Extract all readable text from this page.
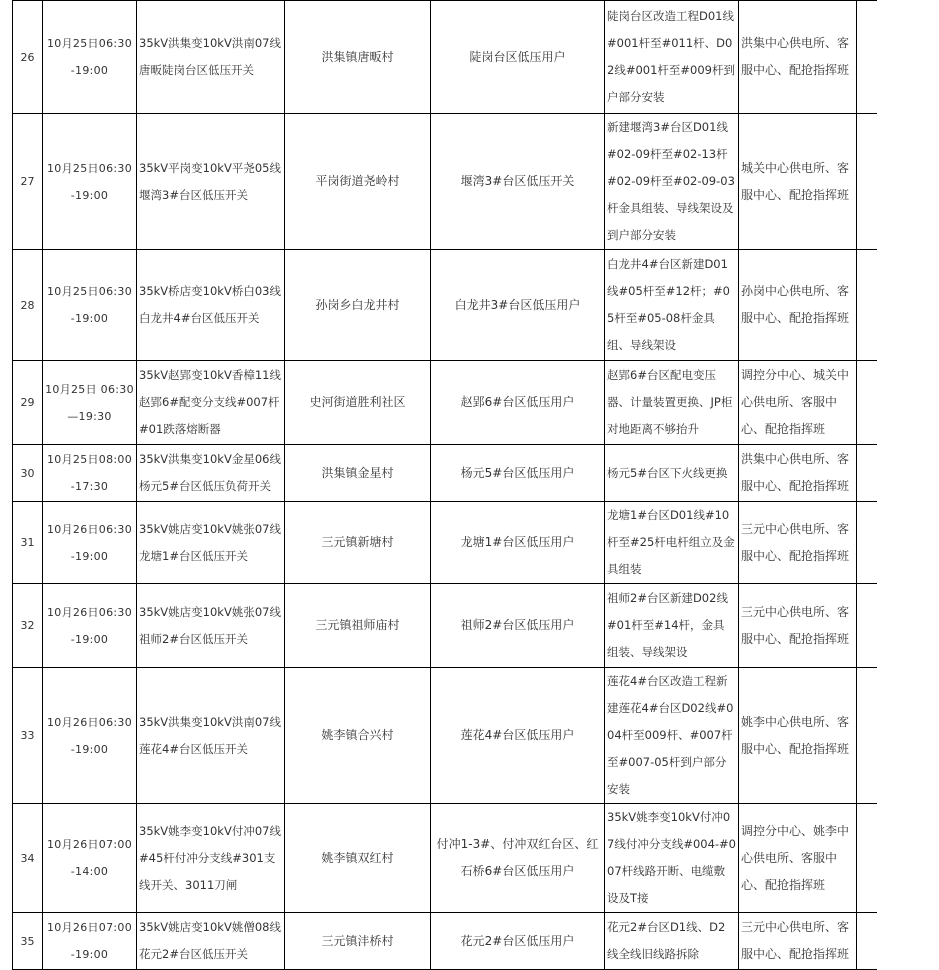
26	10月25日06:30-19:00	35kV洪集变10kV洪南07线唐畈陡岗台区低压开关	洪集镇唐畈村	陡岗台区低压用户	陡岗台区改造工程D01线#001杆至#011杆、D02线#001杆至#009杆到户部分安装	洪集中心供电所、客服中心、配抢指挥班	
27	10月25日06:30-19:00	35kV平岗变10kV平尧05线堰湾3#台区低压开关	平岗街道尧岭村	堰湾3#台区低压开关	新建堰湾3#台区D01线#02-09杆至#02-13杆#02-09杆至#02-09-03杆金具组装、导线架设及到户部分安装	城关中心供电所、客服中心、配抢指挥班	
28	10月25日06:30-19:00	35kV桥店变10kV桥白03线白龙井4#台区低压开关	孙岗乡白龙井村	白龙井3#台区低压用户	白龙井4#台区新建D01线#05杆至#12杆；#05杆至#05-08杆金具组、导线架设	孙岗中心供电所、客服中心、配抢指挥班	
29	10月25日 06:30—19:30	35kV赵郢变10kV香樟11线赵郢6#配变分支线#007杆#01跌落熔断器	史河街道胜利社区	赵郢6#台区低压用户	赵郢6#台区配电变压器、计量装置更换、JP柜对地距离不够抬升	调控分中心、城关中心供电所、客服中心、配抢指挥班	
30	10月25日08:00-17:30	35kV洪集变10kV金星06线杨元5#台区低压负荷开关	洪集镇金星村	杨元5#台区低压用户	杨元5#台区下火线更换	洪集中心供电所、客服中心、配抢指挥班	
31	10月26日06:30-19:00	35kV姚店变10kV姚张07线龙塘1#台区低压开关	三元镇新塘村	龙塘1#台区低压用户	龙塘1#台区D01线#10杆至#25杆电杆组立及金具组装	三元中心供电所、客服中心、配抢指挥班	
32	10月26日06:30-19:00	35kV姚店变10kV姚张07线祖师2#台区低压开关	三元镇祖师庙村	祖师2#台区低压用户	祖师2#台区新建D02线#01杆至#14杆，金具组装、导线架设	三元中心供电所、客服中心、配抢指挥班	
33	10月26日06:30-19:00	35kV洪集变10kV洪南07线莲花4#台区低压开关	姚李镇合兴村	莲花4#台区低压用户	莲花4#台区改造工程新建莲花4#台区D02线#004杆至009杆、#007杆至#007-05杆到户部分安装	姚李中心供电所、客服中心、配抢指挥班	
34	10月26日07:00-14:00	35kV姚李变10kV付冲07线#45杆付冲分支线#301支线开关、3011刀闸	姚李镇双红村	付冲1-3#、付冲双红台区、红石桥6#台区低压用户	35kV姚李变10kV付冲07线付冲分支线#004-#007杆线路开断、电缆敷设及T接	调控分中心、姚李中心供电所、客服中心、配抢指挥班	
35	10月26日07:00-19:00	35kV姚店变10kV姚僧08线花元2#台区低压开关	三元镇沣桥村	花元2#台区低压用户	花元2#台区D1线、D2线全线旧线路拆除	三元中心供电所、客服中心、配抢指挥班	
